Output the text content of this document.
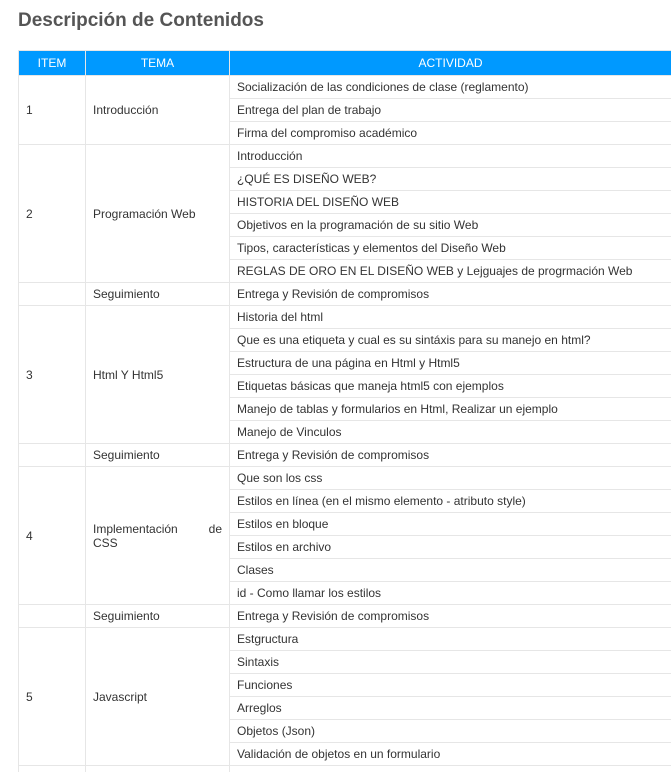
Descripción de Contenidos
ITEM	TEMA	ACTIVIDAD
1	Introducción	Socialización de las condiciones de clase (reglamento)
		Entrega del plan de trabajo
		Firma del compromiso académico
2	Programación Web	Introducción
		¿QUÉ ES DISEÑO WEB?
		HISTORIA DEL DISEÑO WEB
		Objetivos en la programación de su sitio Web
		Tipos, características y elementos del Diseño Web
		REGLAS DE ORO EN EL DISEÑO WEB y Lejguajes de progrmación Web
	Seguimiento	Entrega y Revisión de compromisos
3	Html Y Html5	Historia del html
		Que es una etiqueta y cual es su sintáxis para su manejo en html?
		Estructura de una página en Html y Html5
		Etiquetas básicas que maneja html5 con ejemplos
		Manejo de tablas y formularios en Html, Realizar un ejemplo
		Manejo de Vinculos
	Seguimiento	Entrega y Revisión de compromisos
4	Implementación de CSS	Que son los css
		Estilos en línea (en el mismo elemento - atributo style)
		Estilos en bloque
		Estilos en archivo
		Clases
		id - Como llamar los estilos
	Seguimiento	Entrega y Revisión de compromisos
5	Javascript	Estgructura
		Sintaxis
		Funciones
		Arreglos
		Objetos (Json)
		Validación de objetos en un formulario
